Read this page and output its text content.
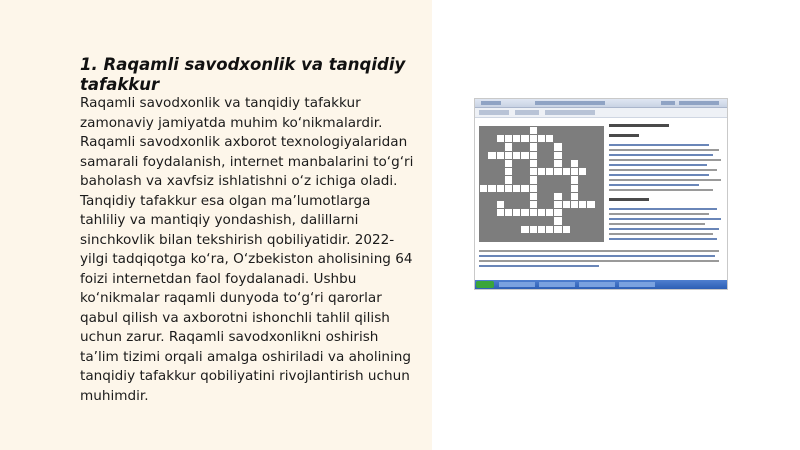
1. Raqamli savodxonlik va tanqidiy tafakkur

Raqamli savodxonlik va tanqidiy tafakkur zamonaviy jamiyatda muhim ko‘nikmalardir. Raqamli savodxonlik axborot texnologiyalaridan samarali foydalanish, internet manbalarini to‘g‘ri baholash va xavfsiz ishlatishni o‘z ichiga oladi. Tanqidiy tafakkur esa olgan ma’lumotlarga tahliliy va mantiqiy yondashish, dalillarni sinchkovlik bilan tekshirish qobiliyatidir. 2022-yilgi tadqiqotga ko‘ra, O‘zbekiston aholisining 64 foizi internetdan faol foydalanadi. Ushbu ko‘nikmalar raqamli dunyoda to‘g‘ri qarorlar qabul qilish va axborotni ishonchli tahlil qilish uchun zarur. Raqamli savodxonlikni oshirish ta’lim tizimi orqali amalga oshiriladi va aholining tanqidiy tafakkur qobiliyatini rivojlantirish uchun muhimdir.
